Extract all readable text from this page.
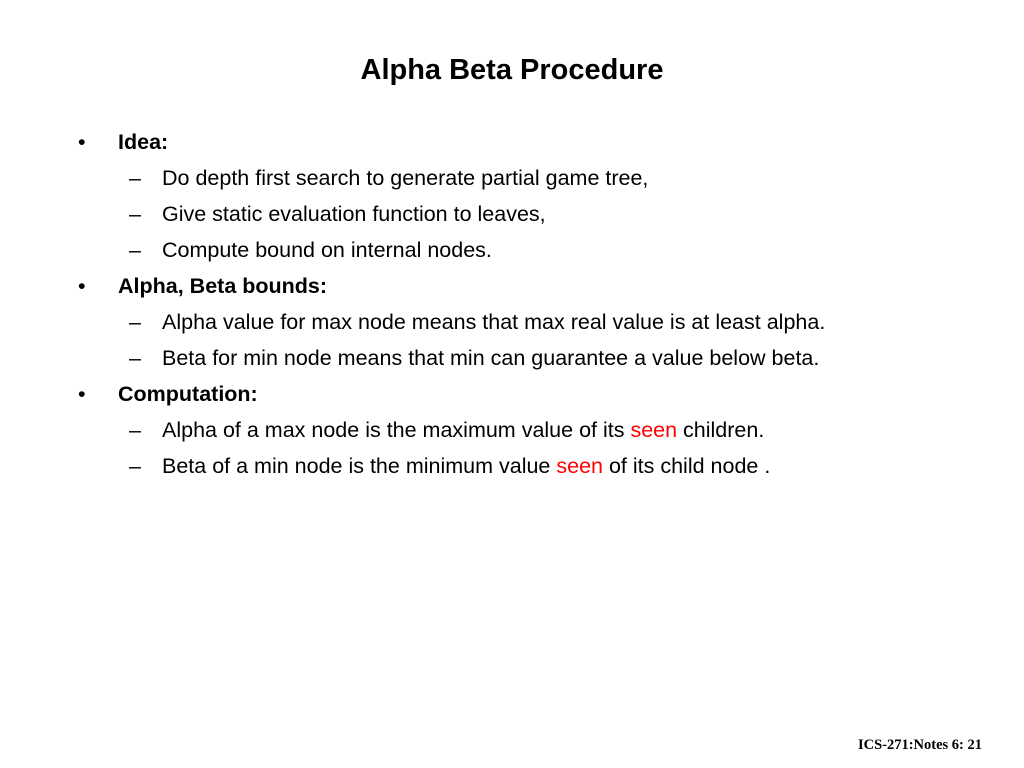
Alpha Beta Procedure
• Idea:
– Do depth first search to generate partial game tree,
– Give static evaluation function to leaves,
– Compute bound on internal nodes.
• Alpha, Beta bounds:
– Alpha value for max node means that max real value is at least alpha.
– Beta for min node means that min can guarantee a value below beta.
• Computation:
– Alpha of a max node is the maximum value of its seen children.
– Beta of a min node is the minimum value seen of its child node .
ICS-271:Notes 6: 21
